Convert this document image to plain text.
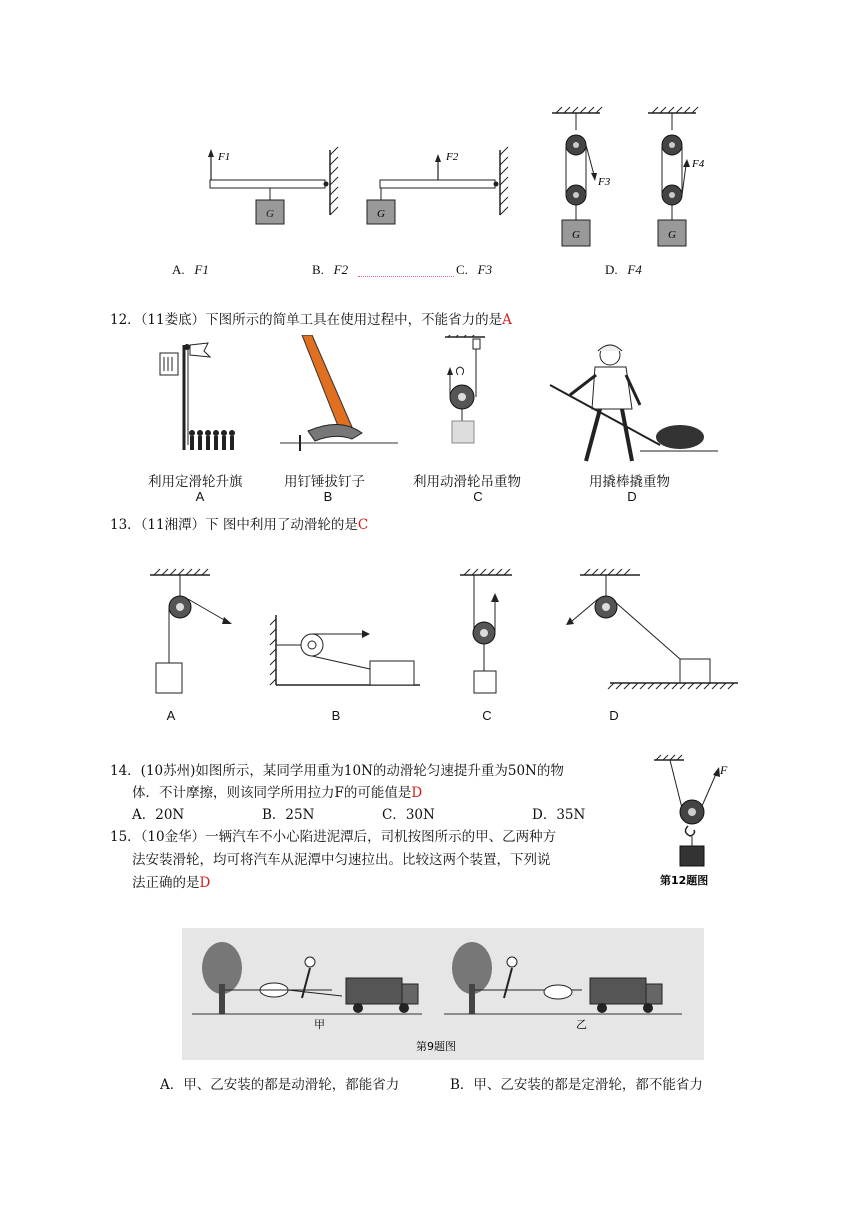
F1
G
F2
G
F3
G
F4
G
A. F1	B. F2	C. F3	D. F4
12．（11娄底）下图所示的简单工具在使用过程中，不能省力的是A
利用定滑轮升旗	用钉锤拔钉子	利用动滑轮吊重物	用撬棒撬重物
A	B	C	D
13．（11湘潭）下 图中利用了动滑轮的是C
A	B	C	D
14．(10苏州)如图所示，某同学用重为10N的动滑轮匀速提升重为50N的物
体．不计摩擦，则该同学所用拉力F的可能值是D
A．20N	B．25N	C．30N	D．35N
F
第12题图
15．（10金华）一辆汽车不小心陷进泥潭后，司机按图所示的甲、乙两种方
法安装滑轮，均可将汽车从泥潭中匀速拉出。比较这两个装置，下列说
法正确的是D
甲	乙
第9题图
A．甲、乙安装的都是动滑轮，都能省力	B．甲、乙安装的都是定滑轮，都不能省力
